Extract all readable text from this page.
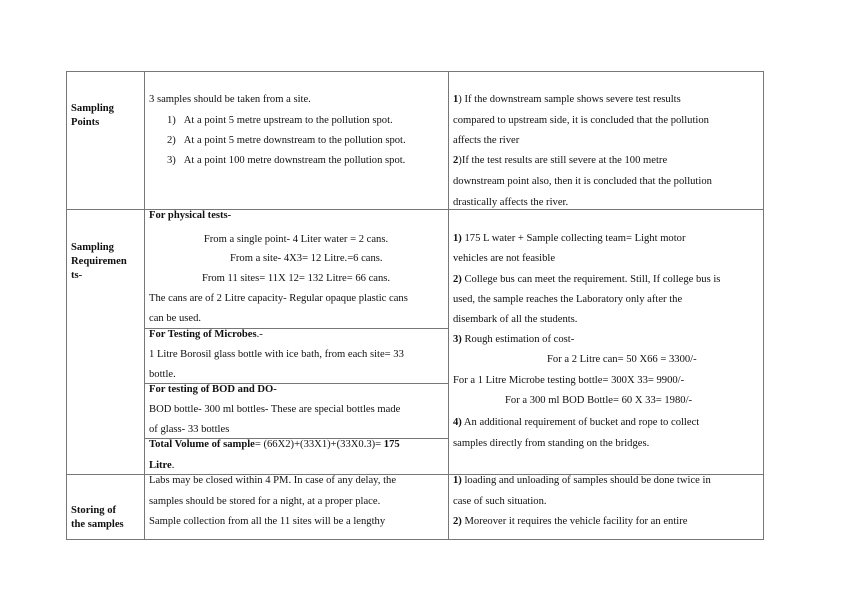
Sampling
Points
3 samples should be taken from a site.
1) At a point 5 metre upstream to the pollution spot.
2) At a point 5 metre downstream to the pollution spot.
3) At a point 100 metre downstream the pollution spot.
1) If the downstream sample shows severe test results
compared to upstream side, it is concluded that the pollution
affects the river
2)If the test results are still severe at the 100 metre
downstream point also, then it is concluded that the pollution
drastically affects the river.
Sampling
Requiremen
ts-
For physical tests-
From a single point- 4 Liter water = 2 cans.
From a site- 4X3= 12 Litre.=6 cans.
From 11 sites= 11X 12= 132 Litre= 66 cans.
The cans are of 2 Litre capacity- Regular opaque plastic cans
can be used.
For Testing of Microbes.-
1 Litre Borosil glass bottle with ice bath, from each site= 33
bottle.
For testing of BOD and DO-
BOD bottle- 300 ml bottles- These are special bottles made
of glass- 33 bottles
Total Volume of sample= (66X2)+(33X1)+(33X0.3)= 175
Litre.
1) 175 L water + Sample collecting team= Light motor
vehicles are not feasible
2) College bus can meet the requirement. Still, If college bus is
used, the sample reaches the Laboratory only after the
disembark of all the students.
3) Rough estimation of cost-
For a 2 Litre can= 50 X66 = 3300/-
For a 1 Litre Microbe testing bottle= 300X 33= 9900/-
For a 300 ml BOD Bottle= 60 X 33= 1980/-
4) An additional requirement of bucket and rope to collect
samples directly from standing on the bridges.
Storing of
the samples
Labs may be closed within 4 PM. In case of any delay, the
samples should be stored for a night, at a proper place.
Sample collection from all the 11 sites will be a lengthy
1) loading and unloading of samples should be done twice in
case of such situation.
2) Moreover it requires the vehicle facility for an entire
